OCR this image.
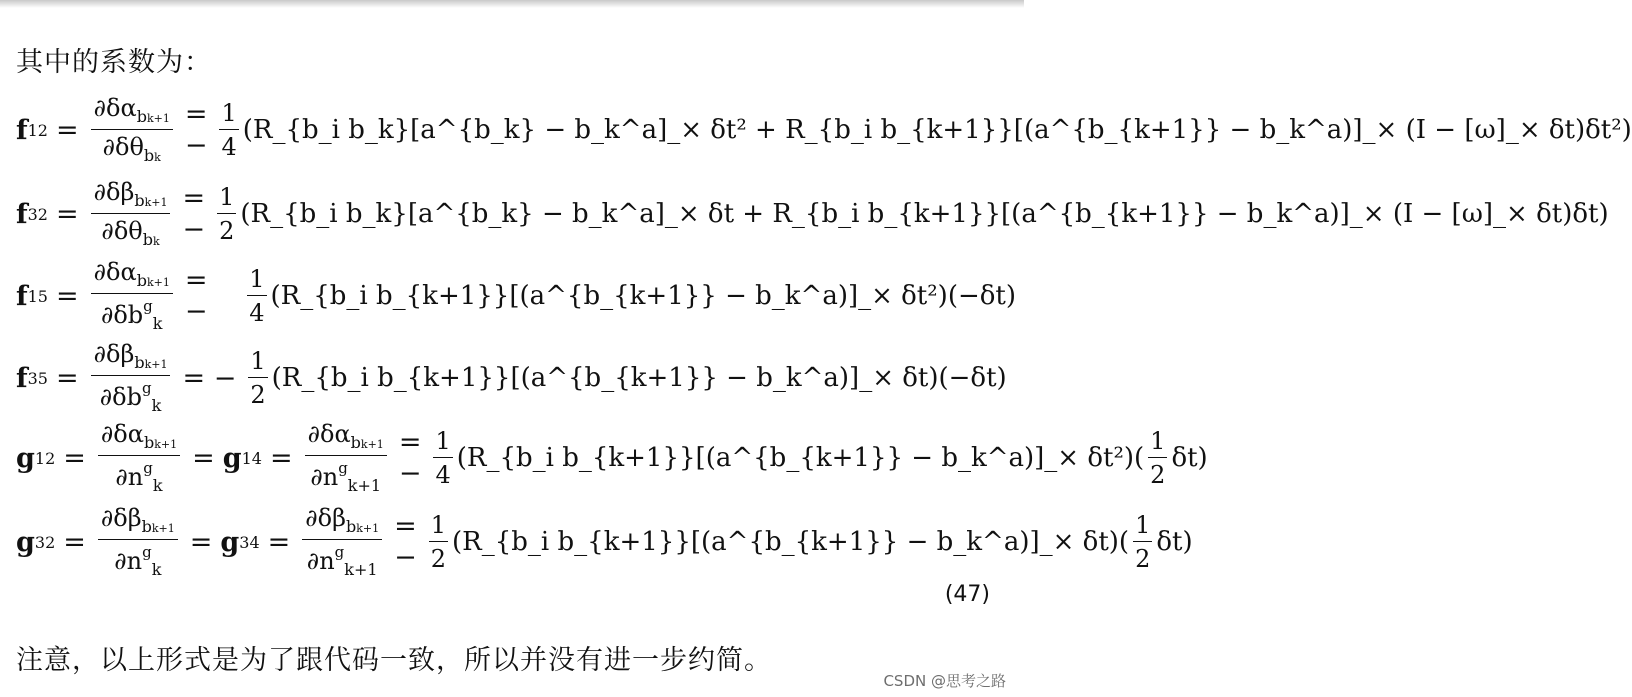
其中的系数为：
f $12 = \frac{\partial\delta\alpha_{bk+1}}{\partial\delta\theta_{bk}}$ = − $\frac{1}{4}$ (R_{b_i b_k}[a^{b_k} − b_k^a]_× δt² + R_{b_i b_{k+1}}[(a^{b_{k+1}} − b_k^a)]_× (I − [ω]_× δt)δt²)
f $32 = \frac{\partial\delta\beta_{bk+1}}{\partial\delta\theta_{bk}}$ = − $\frac{1}{2}$ (R_{b_i b_k}[a^{b_k} − b_k^a]_× δt + R_{b_i b_{k+1}}[(a^{b_{k+1}} − b_k^a)]_× (I − [ω]_× δt)δt)
f $15 = \frac{\partial\delta\alpha_{bk+1}}{\partial\delta b^g_k}$ = −	$\frac{1}{4}$ (R_{b_i b_{k+1}}[(a^{b_{k+1}} − b_k^a)]_× δt²)(−δt)
f $35 = \frac{\partial\delta\beta_{bk+1}}{\partial\delta b^g_k}$ = − $\frac{1}{2}$ (R_{b_i b_{k+1}}[(a^{b_{k+1}} − b_k^a)]_× δt)(−δt)
g $12 = \frac{\partial\delta\alpha_{bk+1}}{\partial n^g_k} = g$ $14 = \frac{\partial\delta\alpha_{bk+1}}{\partial n^g_{k+1}}$ = − $\frac{1}{4}$ (R_{b_i b_{k+1}}[(a^{b_{k+1}} − b_k^a)]_× $\delta t^2)( \frac{1}{2} \delta t)$
g $32 = \frac{\partial\delta\beta_{bk+1}}{\partial n^g_k} = g$ $34 = \frac{\partial\delta\beta_{bk+1}}{\partial n^g_{k+1}}$ = − $\frac{1}{2}$ (R_{b_i b_{k+1}}[(a^{b_{k+1}} − b_k^a)]_× $\delta t)( \frac{1}{2} \delta t)$
(47)
注意，以上形式是为了跟代码一致，所以并没有进一步约简。
CSDN @思考之路
